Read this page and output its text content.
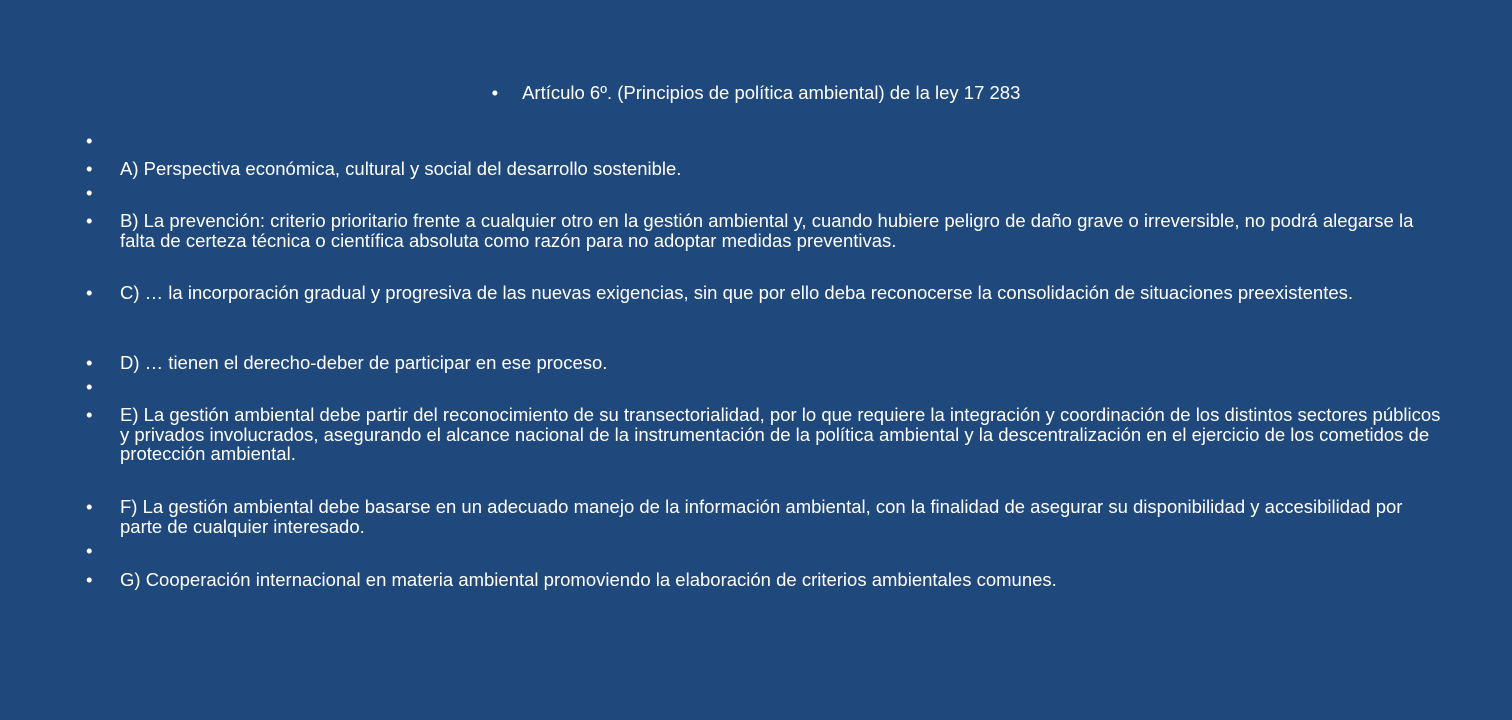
• Artículo 6º. (Principios de política ambiental) de la ley 17 283
•
• A) Perspectiva económica, cultural y social del desarrollo sostenible.
•
• B) La prevención: criterio prioritario frente a cualquier otro en la gestión ambiental y, cuando hubiere peligro de daño grave o irreversible, no podrá alegarse la falta de certeza técnica o científica absoluta como razón para no adoptar medidas preventivas.
• C) … la incorporación gradual y progresiva de las nuevas exigencias, sin que por ello deba reconocerse la consolidación de situaciones preexistentes.
• D) … tienen el derecho-deber de participar en ese proceso.
•
• E) La gestión ambiental debe partir del reconocimiento de su transectorialidad, por lo que requiere la integración y coordinación de los distintos sectores públicos y privados involucrados, asegurando el alcance nacional de la instrumentación de la política ambiental y la descentralización en el ejercicio de los cometidos de protección ambiental.
• F) La gestión ambiental debe basarse en un adecuado manejo de la información ambiental, con la finalidad de asegurar su disponibilidad y accesibilidad por parte de cualquier interesado.
•
• G) Cooperación internacional en materia ambiental promoviendo la elaboración de criterios ambientales comunes.
